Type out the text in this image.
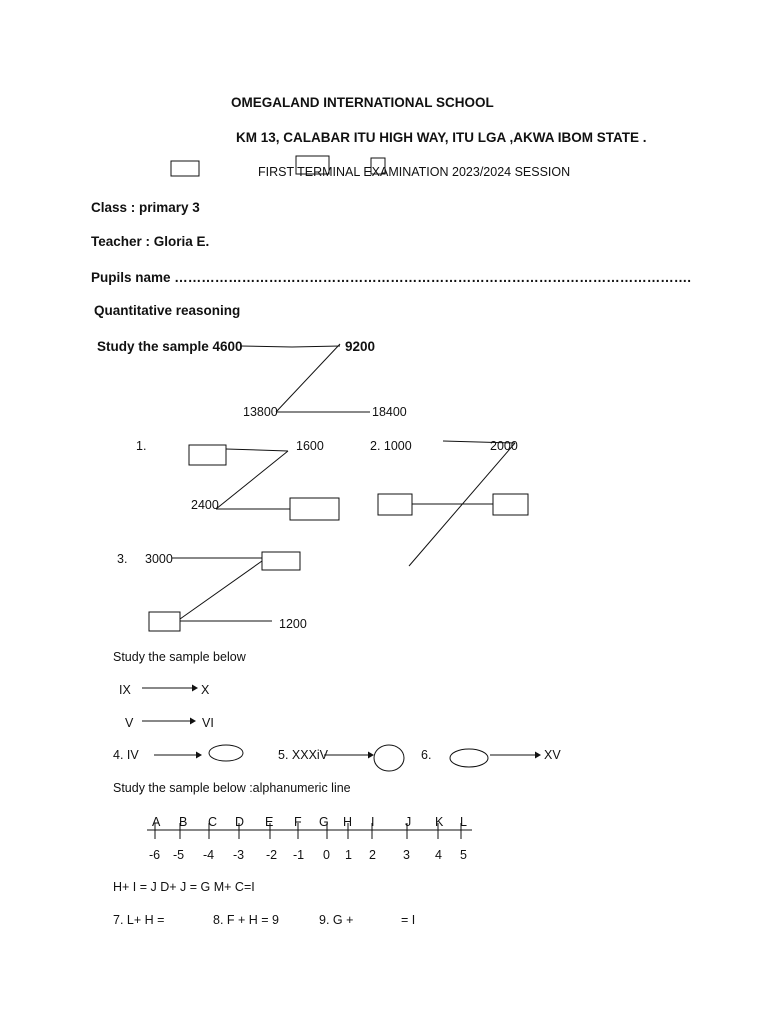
OMEGALAND INTERNATIONAL SCHOOL
KM 13, CALABAR ITU HIGH WAY, ITU LGA ,AKWA IBOM STATE .
FIRST TERMINAL EXAMINATION 2023/2024 SESSION
Class : primary 3
Teacher : Gloria E.
Pupils name …………………………………………………………………………………………………….
Quantitative reasoning
Study the sample 4600	9200
13800	18400
1.	1600
2400
2. 1000	2000
3. 3000
1200
Study the sample below
IX	X
V	VI
4. IV	5. XXXiV	6.	XV
Study the sample below :alphanumeric line
A B C D E F G H I J K L
-6 -5 -4 -3 -2 -1 0 1 2 3 4 5
H+ I = J D+ J = G M+ C=I
7. L+ H =	8. F + H = 9	9. G +	= I
